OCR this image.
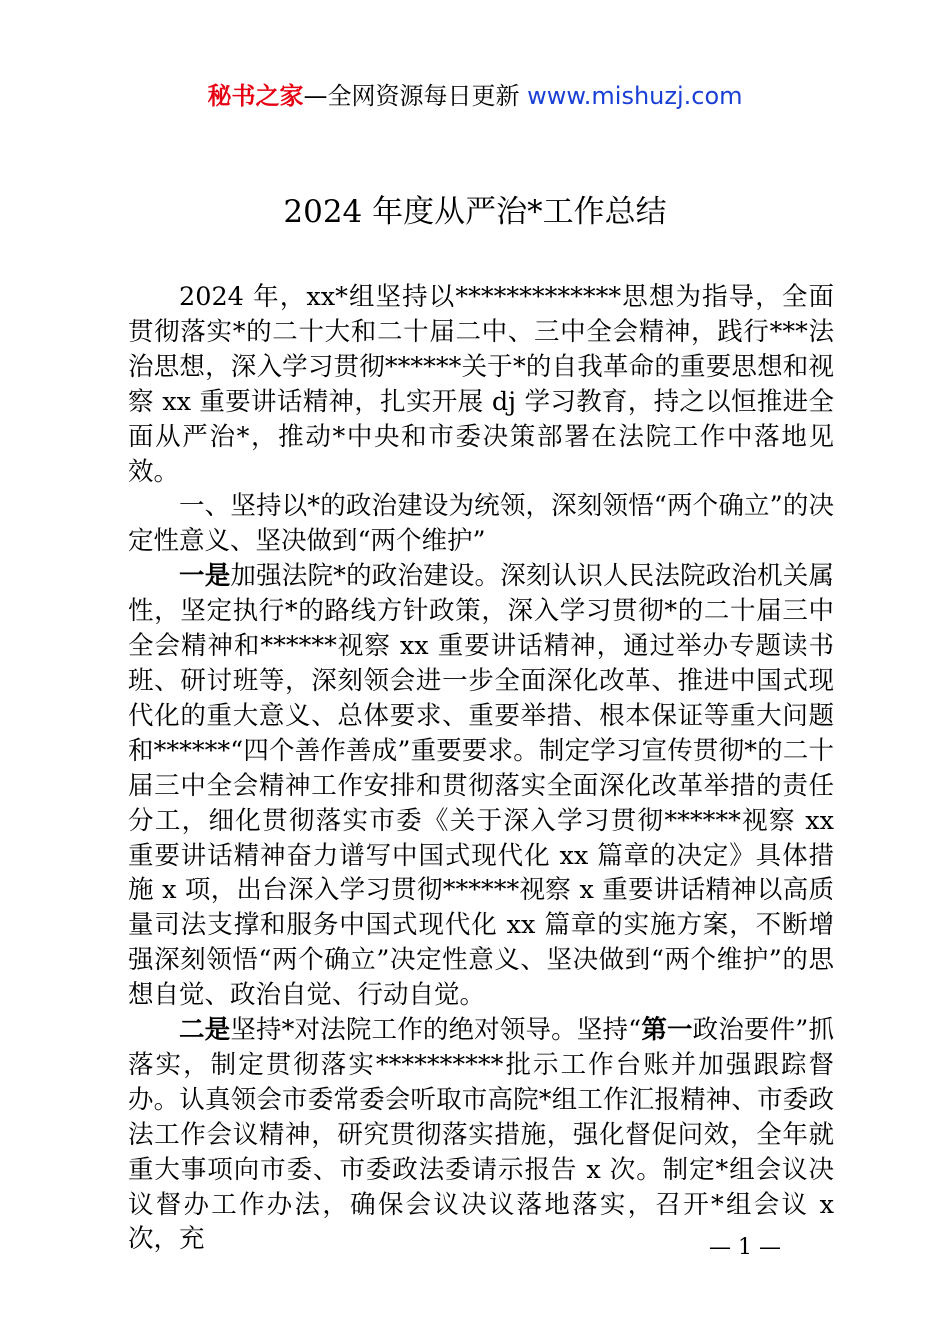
秘书之家—全网资源每日更新 www.mishuzj.com
2024 年度从严治*工作总结

2024 年，xx*组坚持以*************思想为指导，全面贯彻落实*的二十大和二十届二中、三中全会精神，践行***法治思想，深入学习贯彻******关于*的自我革命的重要思想和视察 xx 重要讲话精神，扎实开展 dj 学习教育，持之以恒推进全面从严治*，推动*中央和市委决策部署在法院工作中落地见效。

一、坚持以*的政治建设为统领，深刻领悟“两个确立”的决定性意义、坚决做到“两个维护”

一是加强法院*的政治建设。深刻认识人民法院政治机关属性，坚定执行*的路线方针政策，深入学习贯彻*的二十届三中全会精神和******视察 xx 重要讲话精神，通过举办专题读书班、研讨班等，深刻领会进一步全面深化改革、推进中国式现代化的重大意义、总体要求、重要举措、根本保证等重大问题和******“四个善作善成”重要要求。制定学习宣传贯彻*的二十届三中全会精神工作安排和贯彻落实全面深化改革举措的责任分工，细化贯彻落实市委《关于深入学习贯彻******视察 xx 重要讲话精神奋力谱写中国式现代化 xx 篇章的决定》具体措施 x 项，出台深入学习贯彻******视察 x 重要讲话精神以高质量司法支撑和服务中国式现代化 xx 篇章的实施方案，不断增强深刻领悟“两个确立”决定性意义、坚决做到“两个维护”的思想自觉、政治自觉、行动自觉。

二是坚持*对法院工作的绝对领导。坚持“第一政治要件”抓落实，制定贯彻落实**********批示工作台账并加强跟踪督办。认真领会市委常委会听取市高院*组工作汇报精神、市委政法工作会议精神，研究贯彻落实措施，强化督促问效，全年就重大事项向市委、市委政法委请示报告 x 次。制定*组会议决议督办工作办法，确保会议决议落地落实，召开*组会议 x 次，充	— 1 —
